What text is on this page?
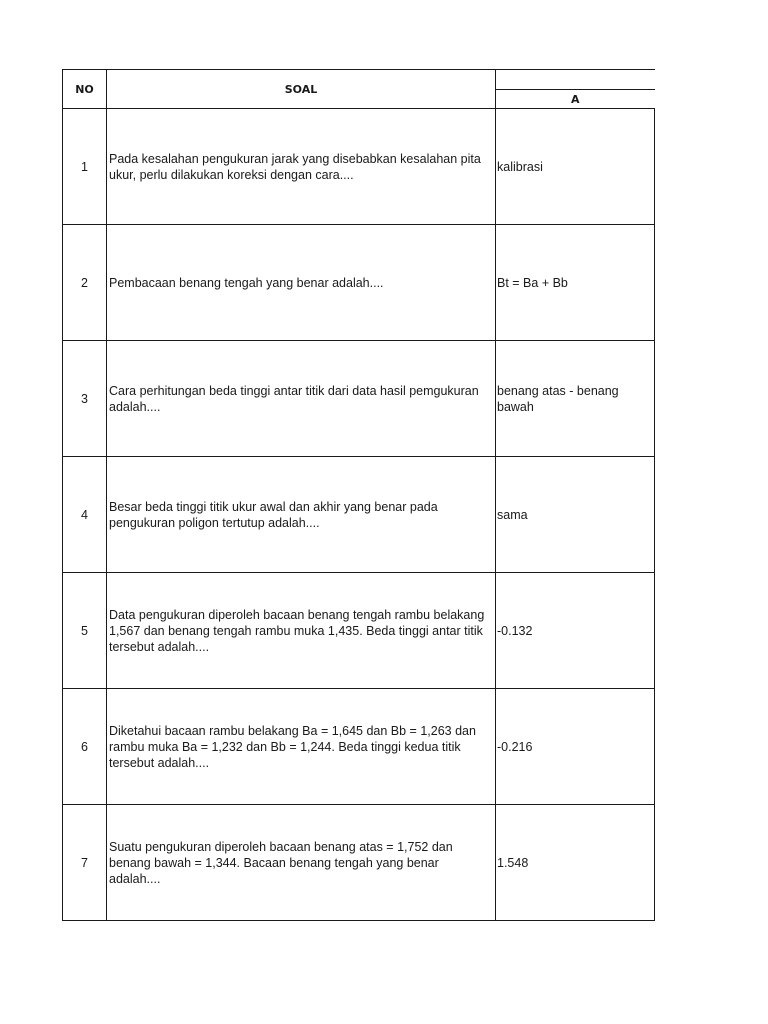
NO	SOAL	
		A
1	Pada kesalahan pengukuran jarak yang disebabkan kesalahan pita ukur, perlu dilakukan koreksi dengan cara....	kalibrasi
2	Pembacaan benang tengah yang benar adalah....	Bt = Ba + Bb
3	Cara perhitungan beda tinggi antar titik dari data hasil pemgukuran adalah....	benang atas - benang bawah
4	Besar beda tinggi titik ukur awal dan akhir yang benar pada pengukuran poligon tertutup adalah....	sama
5	Data pengukuran diperoleh bacaan benang tengah rambu belakang 1,567 dan benang tengah rambu muka 1,435. Beda tinggi antar titik tersebut adalah....	-0.132
6	Diketahui bacaan rambu belakang Ba = 1,645 dan Bb = 1,263 dan rambu muka Ba = 1,232 dan Bb = 1,244. Beda tinggi kedua titik tersebut adalah....	-0.216
7	Suatu pengukuran diperoleh bacaan benang atas = 1,752 dan benang bawah = 1,344. Bacaan benang tengah yang benar adalah....	1.548
